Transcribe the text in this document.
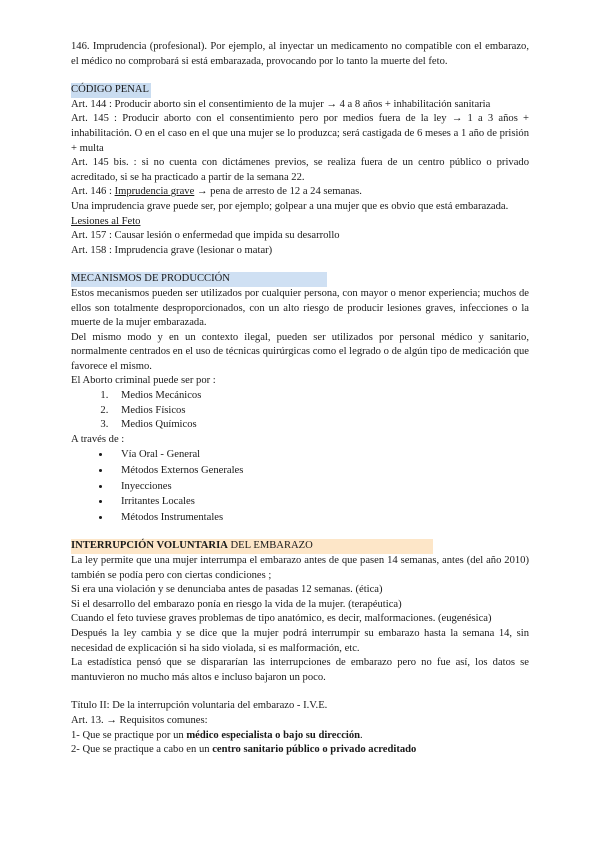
146. Imprudencia (profesional). Por ejemplo, al inyectar un medicamento no compatible con el embarazo, el médico no comprobará si está embarazada, provocando por lo tanto la muerte del feto.

CÓDIGO PENAL

Art. 144 : Producir aborto sin el consentimiento de la mujer → 4 a 8 años + inhabilitación sanitaria

Art. 145 : Producir aborto con el consentimiento pero por medios fuera de la ley → 1 a 3 años + inhabilitación. O en el caso en el que una mujer se lo produzca; será castigada de 6 meses a 1 año de prisión + multa

Art. 145 bis. : si no cuenta con dictámenes previos, se realiza fuera de un centro público o privado acreditado, si se ha practicado a partir de la semana 22.

Art. 146 : Imprudencia grave → pena de arresto de 12 a 24 semanas.

Una imprudencia grave puede ser, por ejemplo; golpear a una mujer que es obvio que está embarazada.

Lesiones al Feto

Art. 157 : Causar lesión o enfermedad que impida su desarrollo

Art. 158 : Imprudencia grave (lesionar o matar)

MECANISMOS DE PRODUCCIÓN

Estos mecanismos pueden ser utilizados por cualquier persona, con mayor o menor experiencia; muchos de ellos son totalmente desproporcionados, con un alto riesgo de producir lesiones graves, infecciones o la muerte de la mujer embarazada.

Del mismo modo y en un contexto ilegal, pueden ser utilizados por personal médico y sanitario, normalmente centrados en el uso de técnicas quirúrgicas como el legrado o de algún tipo de medicación que favorece el mismo.

El Aborto criminal puede ser por :

1. Medios Mecánicos
2. Medios Físicos
3. Medios Químicos

A través de :

• Vía Oral - General
• Métodos Externos Generales
• Inyecciones
• Irritantes Locales
• Métodos Instrumentales

INTERRUPCIÓN VOLUNTARIA DEL EMBARAZO

La ley permite que una mujer interrumpa el embarazo antes de que pasen 14 semanas, antes (del año 2010) también se podía pero con ciertas condiciones ;

Si era una violación y se denunciaba antes de pasadas 12 semanas. (ética)

Si el desarrollo del embarazo ponía en riesgo la vida de la mujer. (terapéutica)

Cuando el feto tuviese graves problemas de tipo anatómico, es decir, malformaciones. (eugenésica)

Después la ley cambia y se dice que la mujer podrá interrumpir su embarazo hasta la semana 14, sin necesidad de explicación si ha sido violada, si es malformación, etc.

La estadística pensó que se dispararían las interrupciones de embarazo pero no fue así, los datos se mantuvieron no mucho más altos e incluso bajaron un poco.

Título II: De la interrupción voluntaria del embarazo - I.V.E.

Art. 13. → Requisitos comunes:

1- Que se practique por un médico especialista o bajo su dirección.

2- Que se practique a cabo en un centro sanitario público o privado acreditado
